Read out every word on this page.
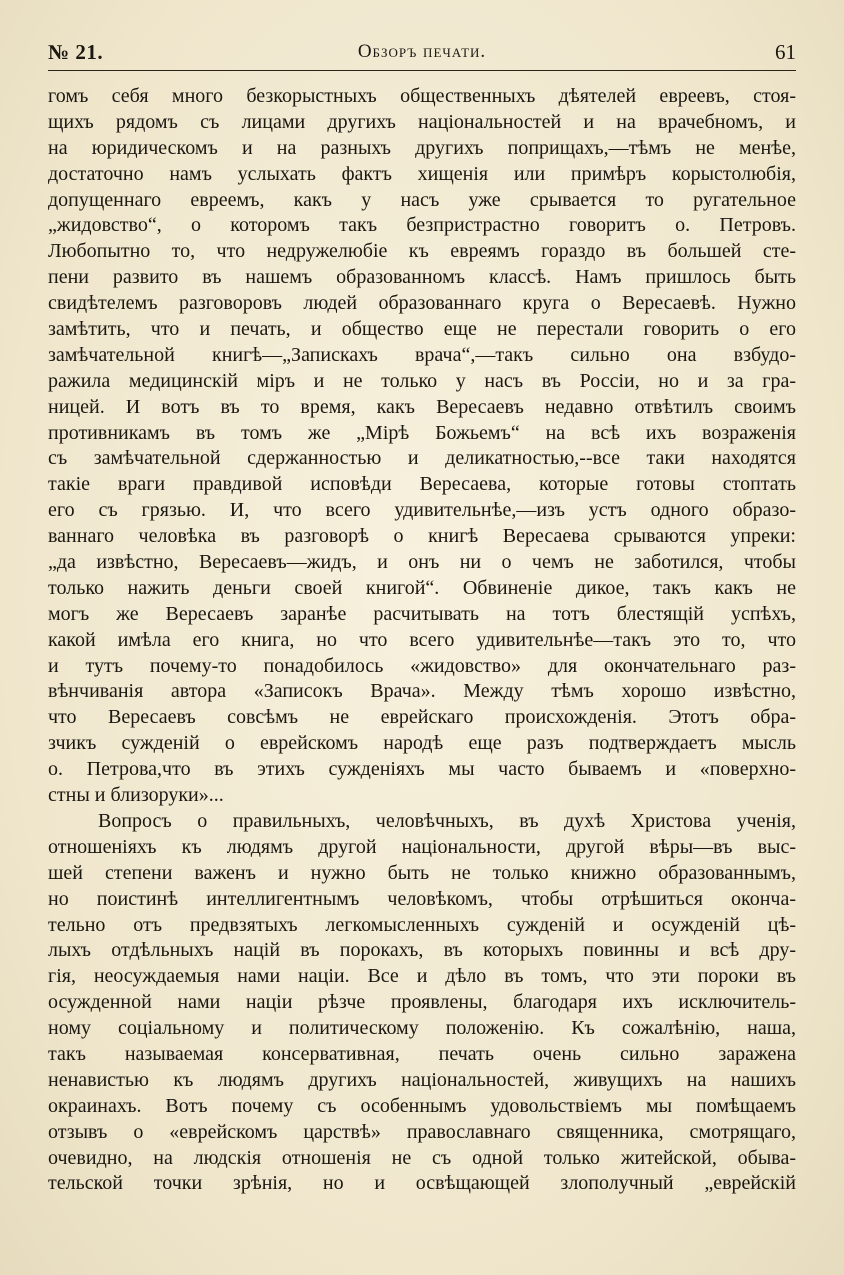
№ 21.	Обзоръ печати.	61
гомъ себя много безкорыстныхъ общественныхъ дѣятелей евреевъ, стоя-
щихъ рядомъ съ лицами другихъ національностей и на врачебномъ, и
на юридическомъ и на разныхъ другихъ поприщахъ,—тѣмъ не менѣе,
достаточно намъ услыхать фактъ хищенія или примѣръ корыстолюбія,
допущеннаго евреемъ, какъ у насъ уже срывается то ругательное
„жидовство“, о которомъ такъ безпристрастно говоритъ о. Петровъ.
Любопытно то, что недружелюбіе къ евреямъ гораздо въ большей сте-
пени развито въ нашемъ образованномъ классѣ. Намъ пришлось быть
свидѣтелемъ разговоровъ людей образованнаго круга о Вересаевѣ. Нужно
замѣтить, что и печать, и общество еще не перестали говорить о его
замѣчательной книгѣ—„Запискахъ врача“,—такъ сильно она взбудо-
ражила медицинскій міръ и не только у насъ въ Россіи, но и за гра-
ницей. И вотъ въ то время, какъ Вересаевъ недавно отвѣтилъ своимъ
противникамъ въ томъ же „Мірѣ Божьемъ“ на всѣ ихъ возраженія
съ замѣчательной сдержанностью и деликатностью,--все таки находятся
такіе враги правдивой исповѣди Вересаева, которые готовы стоптать
его съ грязью. И, что всего удивительнѣе,—изъ устъ одного образо-
ваннаго человѣка въ разговорѣ о книгѣ Вересаева срываются упреки:
„да извѣстно, Вересаевъ—жидъ, и онъ ни о чемъ не заботился, чтобы
только нажить деньги своей книгой“. Обвиненіе дикое, такъ какъ не
могъ же Вересаевъ заранѣе расчитывать на тотъ блестящій успѣхъ,
какой имѣла его книга, но что всего удивительнѣе—такъ это то, что
и тутъ почему-то понадобилось «жидовство» для окончательнаго раз-
вѣнчиванія автора «Записокъ Врача». Между тѣмъ хорошо извѣстно,
что Вересаевъ совсѣмъ не еврейскаго происхожденія. Этотъ обра-
зчикъ сужденій о еврейскомъ народѣ еще разъ подтверждаетъ мысль
о. Петрова,что въ этихъ сужденіяхъ мы часто бываемъ и «поверхно-
стны и близоруки»...
Вопросъ о правильныхъ, человѣчныхъ, въ духѣ Христова ученія,
отношеніяхъ къ людямъ другой національности, другой вѣры—въ выс-
шей степени важенъ и нужно быть не только книжно образованнымъ,
но поистинѣ интеллигентнымъ человѣкомъ, чтобы отрѣшиться оконча-
тельно отъ предвзятыхъ легкомысленныхъ сужденій и осужденій цѣ-
лыхъ отдѣльныхъ націй въ порокахъ, въ которыхъ повинны и всѣ дру-
гія, неосуждаемыя нами націи. Все и дѣло въ томъ, что эти пороки въ
осужденной нами націи рѣзче проявлены, благодаря ихъ исключитель-
ному соціальному и политическому положенію. Къ сожалѣнію, наша,
такъ называемая консервативная, печать очень сильно заражена
ненавистью къ людямъ другихъ національностей, живущихъ на нашихъ
окраинахъ. Вотъ почему съ особеннымъ удовольствіемъ мы помѣщаемъ
отзывъ о «еврейскомъ царствѣ» православнаго священника, смотрящаго,
очевидно, на людскія отношенія не съ одной только житейской, обыва-
тельской точки зрѣнія, но и освѣщающей злополучный „еврейскій
